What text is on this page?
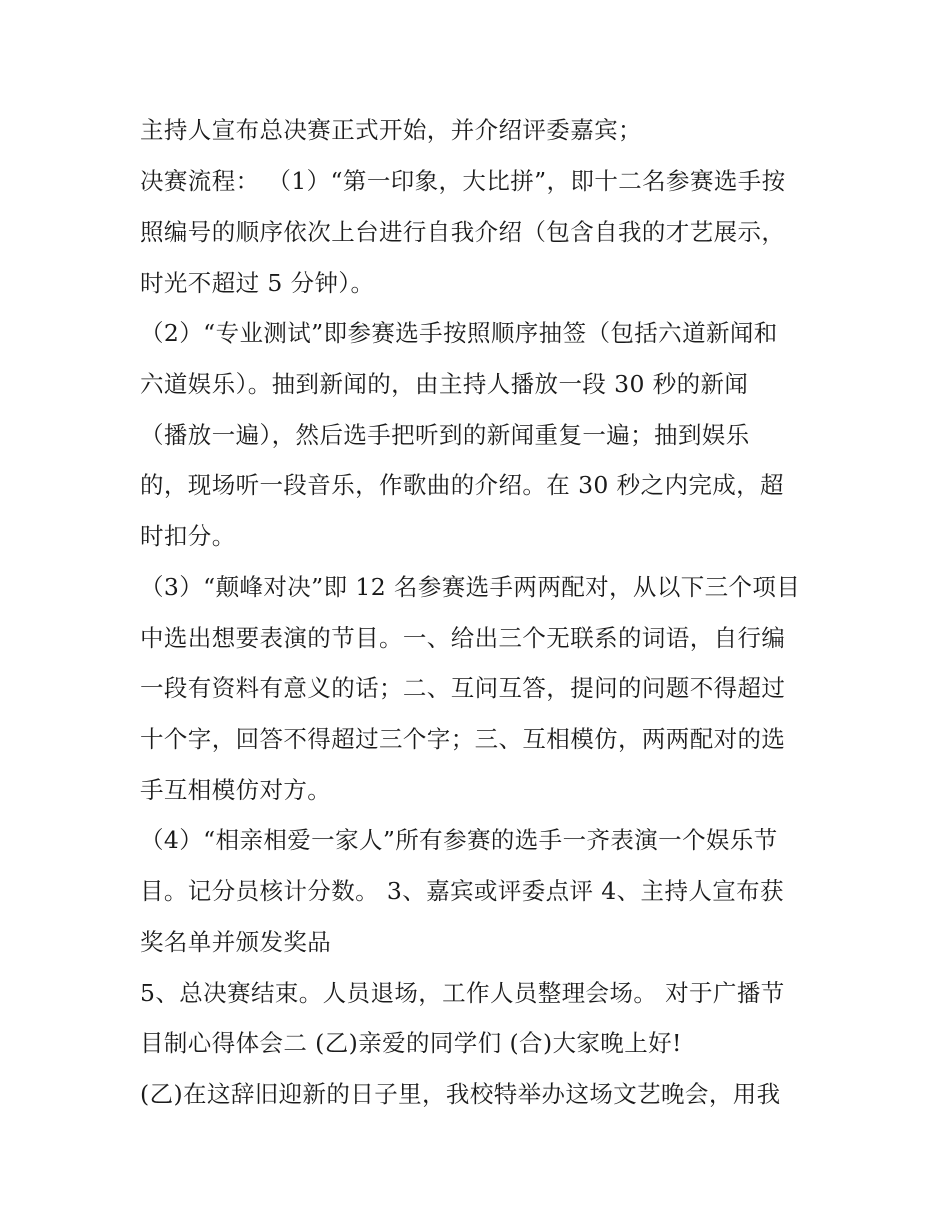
主持人宣布总决赛正式开始，并介绍评委嘉宾；

决赛流程： （1）“第一印象，大比拼”，即十二名参赛选手按

照编号的顺序依次上台进行自我介绍（包含自我的才艺展示，

时光不超过 5 分钟）。

（2）“专业测试”即参赛选手按照顺序抽签（包括六道新闻和

六道娱乐）。抽到新闻的，由主持人播放一段 30 秒的新闻

（播放一遍），然后选手把听到的新闻重复一遍；抽到娱乐

的，现场听一段音乐，作歌曲的介绍。在 30 秒之内完成，超

时扣分。

（3）“颠峰对决”即 12 名参赛选手两两配对，从以下三个项目

中选出想要表演的节目。一、给出三个无联系的词语，自行编

一段有资料有意义的话；二、互问互答，提问的问题不得超过

十个字，回答不得超过三个字；三、互相模仿，两两配对的选

手互相模仿对方。

（4）“相亲相爱一家人”所有参赛的选手一齐表演一个娱乐节

目。记分员核计分数。 3、嘉宾或评委点评 4、主持人宣布获

奖名单并颁发奖品

5、总决赛结束。人员退场，工作人员整理会场。 对于广播节

目制心得体会二 (乙)亲爱的同学们 (合)大家晚上好!

(乙)在这辞旧迎新的日子里，我校特举办这场文艺晚会，用我
